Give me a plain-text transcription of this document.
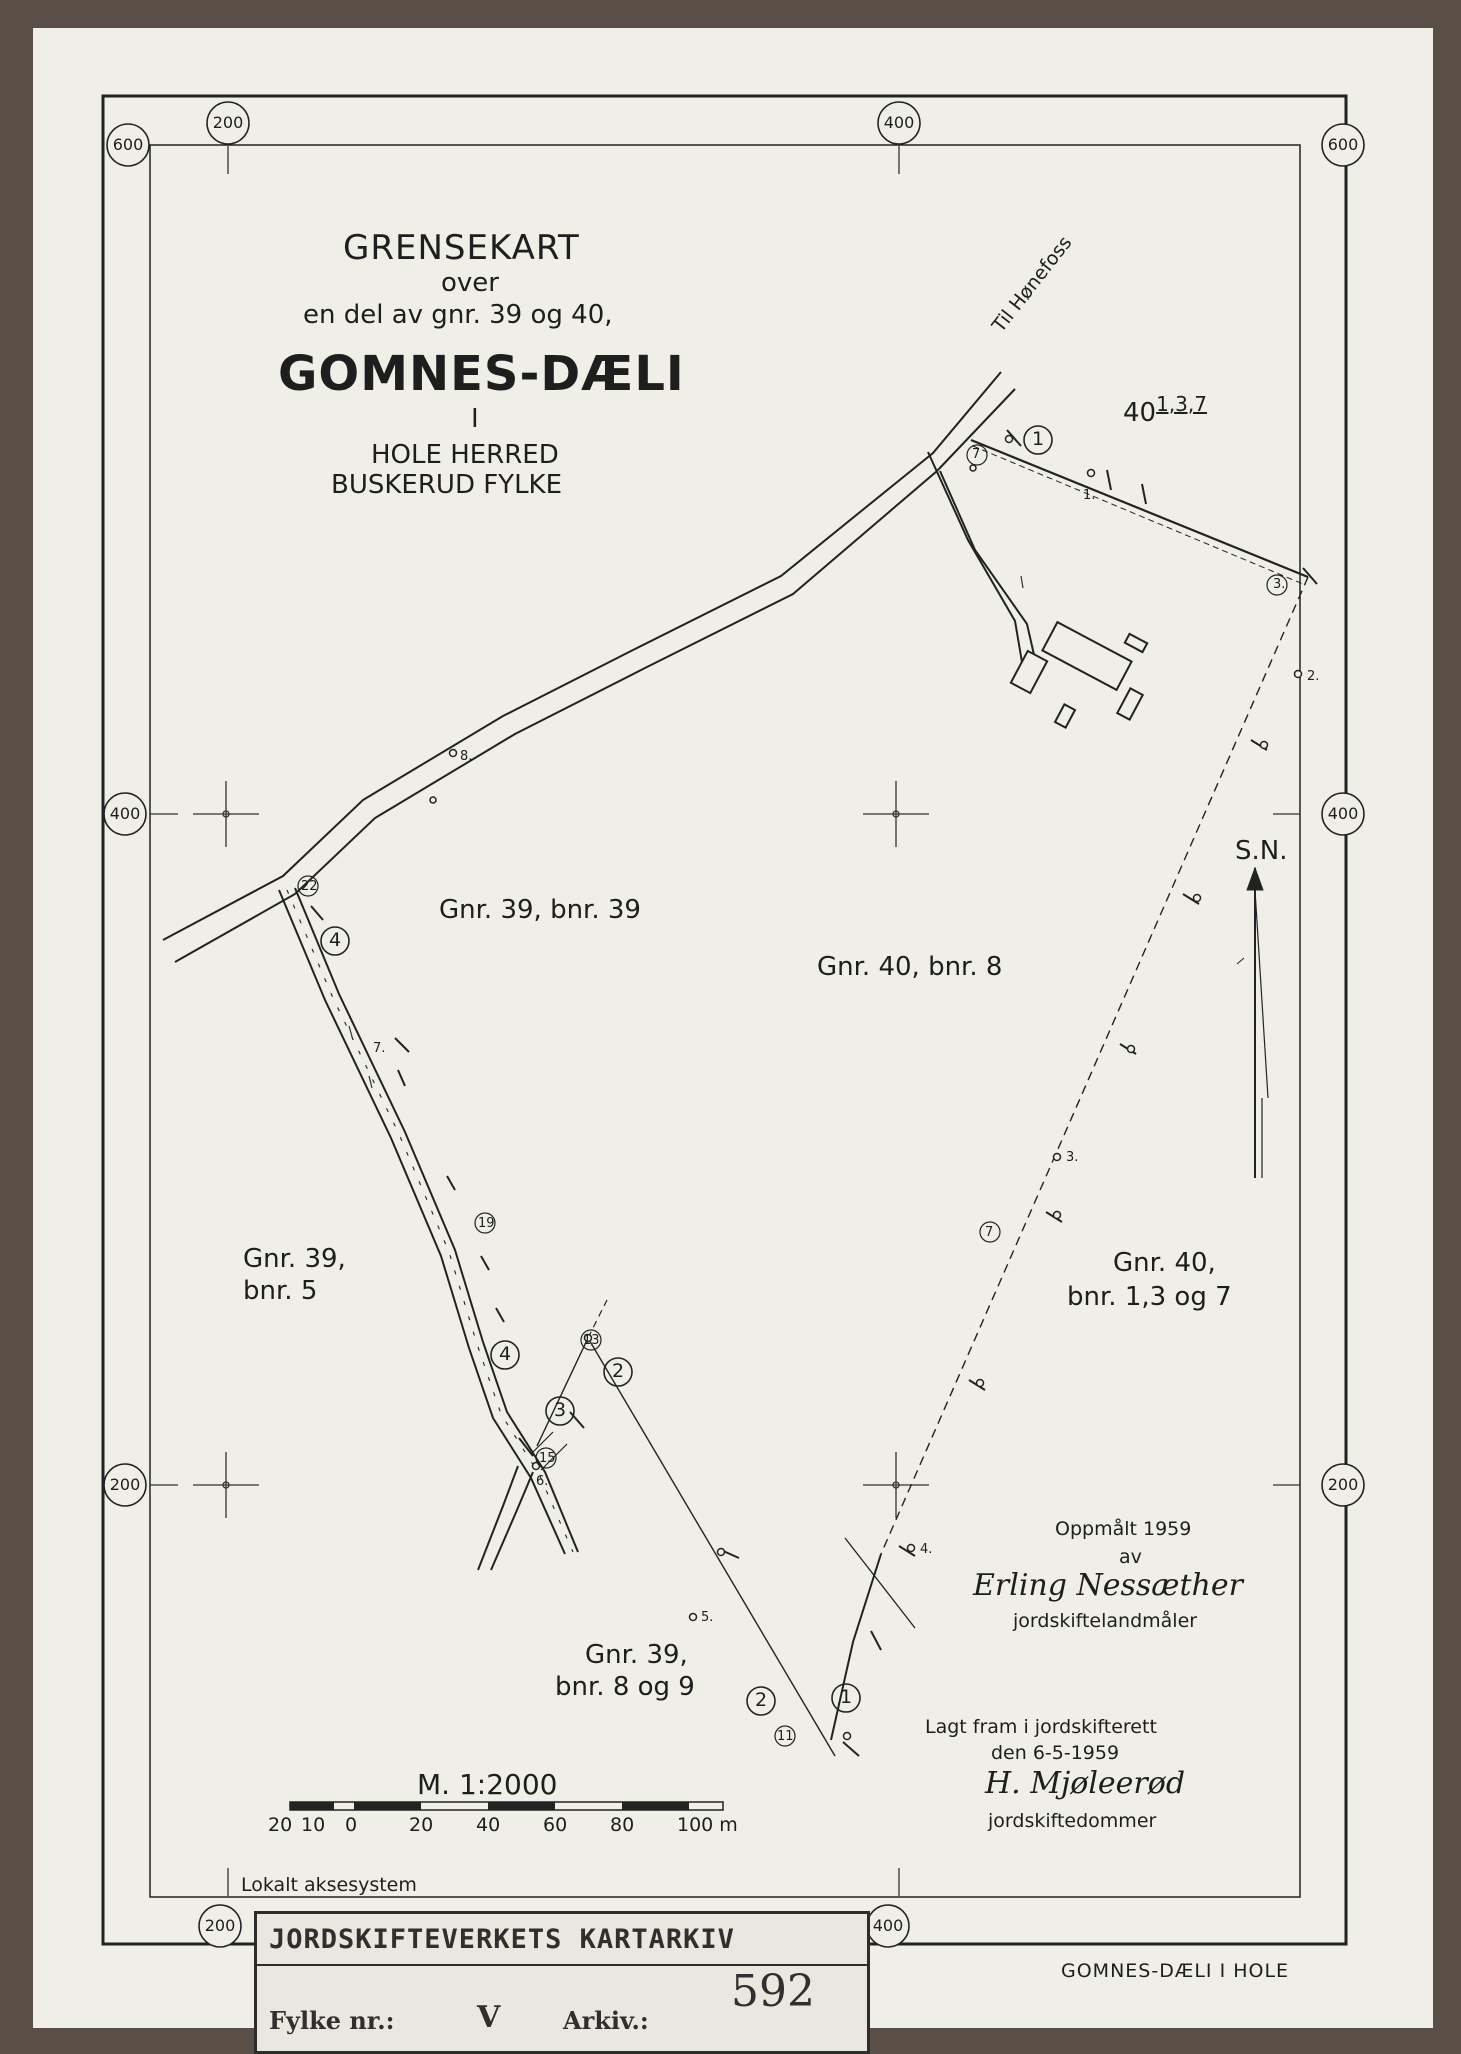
200	400
600	600
400	400
200	200
200	400
GRENSEKART
over
en del av gnr. 39 og 40,
GOMNES-DÆLI
I
HOLE HERRED
BUSKERUD FYLKE
Til Hønefoss
40$^{1,3,7}$
Gnr. 39, bnr. 39
Gnr. 40, bnr. 8
Gnr. 39,
bnr. 5
Gnr. 40,
bnr. 1,3 og 7
Gnr. 39,
bnr. 8 og 9
1
4
4
3
2
1
2
7
3.
1.
2.
3.
4.
5.
6.
7.
8.
11
13
15
19
22
7
S.N.
Oppmålt 1959
av
Erling Nessæther
jordskiftelandmåler
Lagt fram i jordskifterett
den 6-5-1959
H. Mjøleerød
jordskiftedommer
M. 1:2000
20 10 0	20 40 60 80 100 m
Lokalt aksesystem
GOMNES-DÆLI I HOLE
JORDSKIFTEVERKETS KARTARKIV
Fylke nr.:	V	Arkiv.:
592
